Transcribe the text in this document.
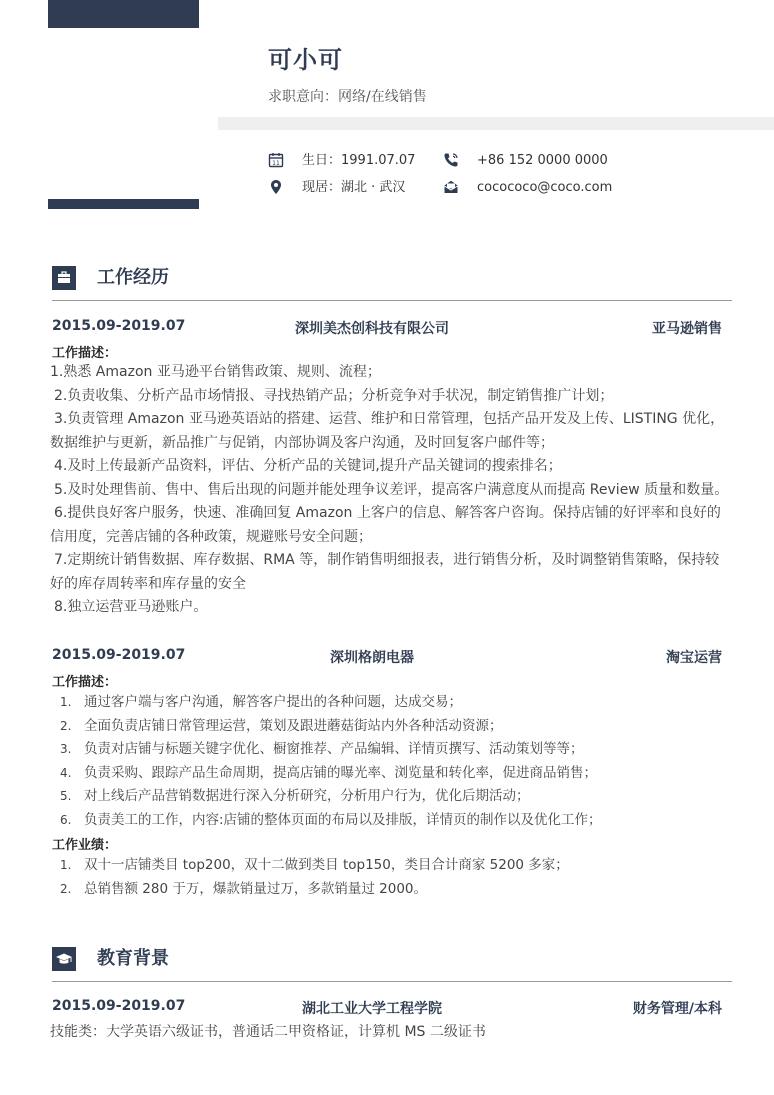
可小可
求职意向：网络/在线销售
11 生日：1991.07.07	+86 152 0000 0000
现居：湖北 · 武汉	cocococo@coco.com
工作经历
2015.09-2019.07	深圳美杰创科技有限公司	亚马逊销售
工作描述：

1.熟悉 Amazon 亚马逊平台销售政策、规则、流程；

2.负责收集、分析产品市场情报、寻找热销产品；分析竞争对手状况，制定销售推广计划；

3.负责管理 Amazon 亚马逊英语站的搭建、运营、维护和日常管理，包括产品开发及上传、LISTING 优化，

数据维护与更新，新品推广与促销，内部协调及客户沟通，及时回复客户邮件等；

4.及时上传最新产品资料，评估、分析产品的关键词,提升产品关键词的搜索排名；

5.及时处理售前、售中、售后出现的问题并能处理争议差评，提高客户满意度从而提高 Review 质量和数量。

6.提供良好客户服务，快速、准确回复 Amazon 上客户的信息、解答客户咨询。保持店铺的好评率和良好的

信用度，完善店铺的各种政策，规避账号安全问题；

7.定期统计销售数据、库存数据、RMA 等，制作销售明细报表，进行销售分析，及时调整销售策略，保持较

好的库存周转率和库存量的安全

8.独立运营亚马逊账户。

2015.09-2019.07	深圳格朗电器	淘宝运营
工作描述：
1. 通过客户端与客户沟通，解答客户提出的各种问题，达成交易；
2. 全面负责店铺日常管理运营，策划及跟进蘑菇街站内外各种活动资源；
3. 负责对店铺与标题关键字优化、橱窗推荐、产品编辑、详情页撰写、活动策划等等；
4. 负责采购、跟踪产品生命周期，提高店铺的曝光率、浏览量和转化率，促进商品销售；
5. 对上线后产品营销数据进行深入分析研究，分析用户行为，优化后期活动；
6. 负责美工的工作，内容:店铺的整体页面的布局以及排版，详情页的制作以及优化工作；
工作业绩：
1. 双十一店铺类目 top200，双十二做到类目 top150，类目合计商家 5200 多家；
2. 总销售额 280 于万，爆款销量过万，多款销量过 2000。
教育背景
2015.09-2019.07	湖北工业大学工程学院	财务管理/本科
技能类：大学英语六级证书，普通话二甲资格证，计算机 MS 二级证书
